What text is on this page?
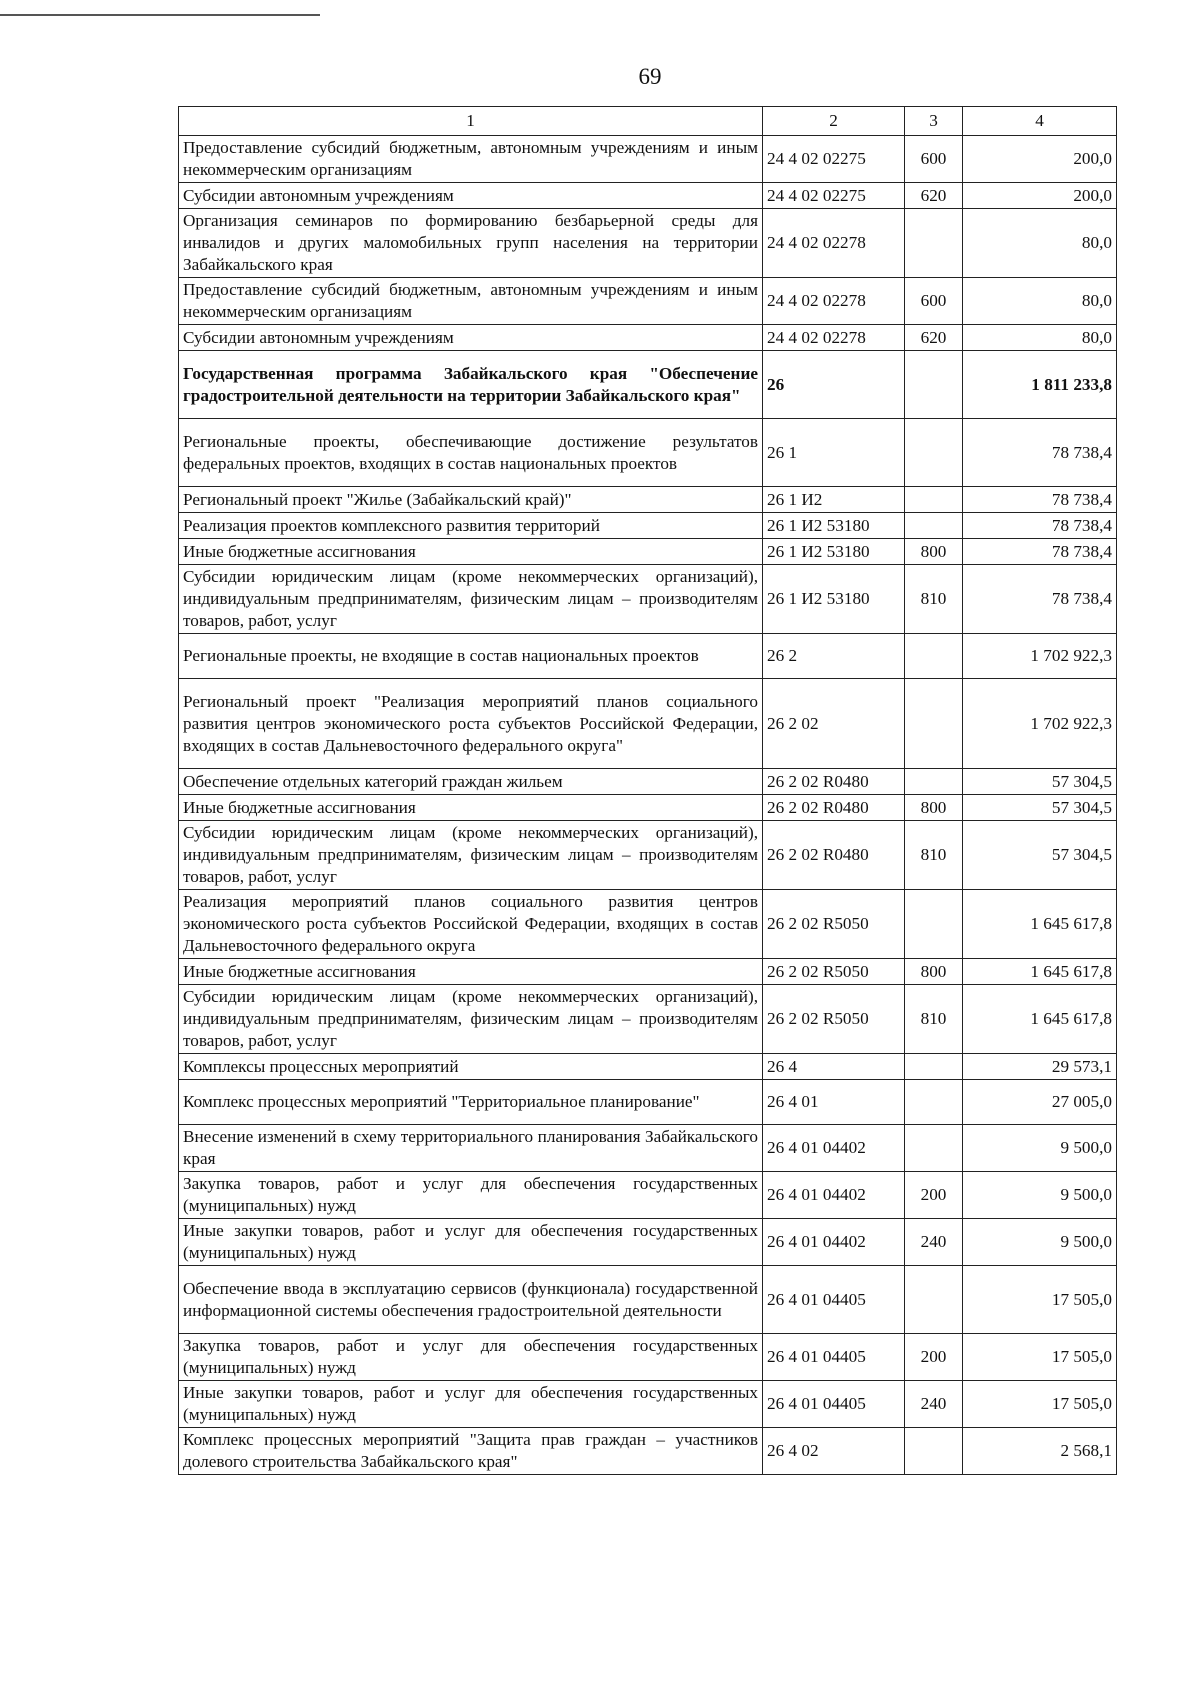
69
1	2	3	4
Предоставление субсидий бюджетным, автономным учреждениям и иным некоммерческим организациям	24 4 02 02275	600	200,0
Субсидии автономным учреждениям	24 4 02 02275	620	200,0
Организация семинаров по формированию безбарьерной среды для инвалидов и других маломобильных групп населения на территории Забайкальского края	24 4 02 02278		80,0
Предоставление субсидий бюджетным, автономным учреждениям и иным некоммерческим организациям	24 4 02 02278	600	80,0
Субсидии автономным учреждениям	24 4 02 02278	620	80,0
Государственная программа Забайкальского края "Обеспечение градостроительной деятельности на территории Забайкальского края"	26		1 811 233,8
Региональные проекты, обеспечивающие достижение результатов федеральных проектов, входящих в состав национальных проектов	26 1		78 738,4
Региональный проект "Жилье (Забайкальский край)"	26 1 И2		78 738,4
Реализация проектов комплексного развития территорий	26 1 И2 53180		78 738,4
Иные бюджетные ассигнования	26 1 И2 53180	800	78 738,4
Субсидии юридическим лицам (кроме некоммерческих организаций), индивидуальным предпринимателям, физическим лицам – производителям товаров, работ, услуг	26 1 И2 53180	810	78 738,4
Региональные проекты, не входящие в состав национальных проектов	26 2		1 702 922,3
Региональный проект "Реализация мероприятий планов социального развития центров экономического роста субъектов Российской Федерации, входящих в состав Дальневосточного федерального округа"	26 2 02		1 702 922,3
Обеспечение отдельных категорий граждан жильем	26 2 02 R0480		57 304,5
Иные бюджетные ассигнования	26 2 02 R0480	800	57 304,5
Субсидии юридическим лицам (кроме некоммерческих организаций), индивидуальным предпринимателям, физическим лицам – производителям товаров, работ, услуг	26 2 02 R0480	810	57 304,5
Реализация мероприятий планов социального развития центров экономического роста субъектов Российской Федерации, входящих в состав Дальневосточного федерального округа	26 2 02 R5050		1 645 617,8
Иные бюджетные ассигнования	26 2 02 R5050	800	1 645 617,8
Субсидии юридическим лицам (кроме некоммерческих организаций), индивидуальным предпринимателям, физическим лицам – производителям товаров, работ, услуг	26 2 02 R5050	810	1 645 617,8
Комплексы процессных мероприятий	26 4		29 573,1
Комплекс процессных мероприятий "Территориальное планирование"	26 4 01		27 005,0
Внесение изменений в схему территориального планирования Забайкальского края	26 4 01 04402		9 500,0
Закупка товаров, работ и услуг для обеспечения государственных (муниципальных) нужд	26 4 01 04402	200	9 500,0
Иные закупки товаров, работ и услуг для обеспечения государственных (муниципальных) нужд	26 4 01 04402	240	9 500,0
Обеспечение ввода в эксплуатацию сервисов (функционала) государственной информационной системы обеспечения градостроительной деятельности	26 4 01 04405		17 505,0
Закупка товаров, работ и услуг для обеспечения государственных (муниципальных) нужд	26 4 01 04405	200	17 505,0
Иные закупки товаров, работ и услуг для обеспечения государственных (муниципальных) нужд	26 4 01 04405	240	17 505,0
Комплекс процессных мероприятий "Защита прав граждан – участников долевого строительства Забайкальского края"	26 4 02		2 568,1
